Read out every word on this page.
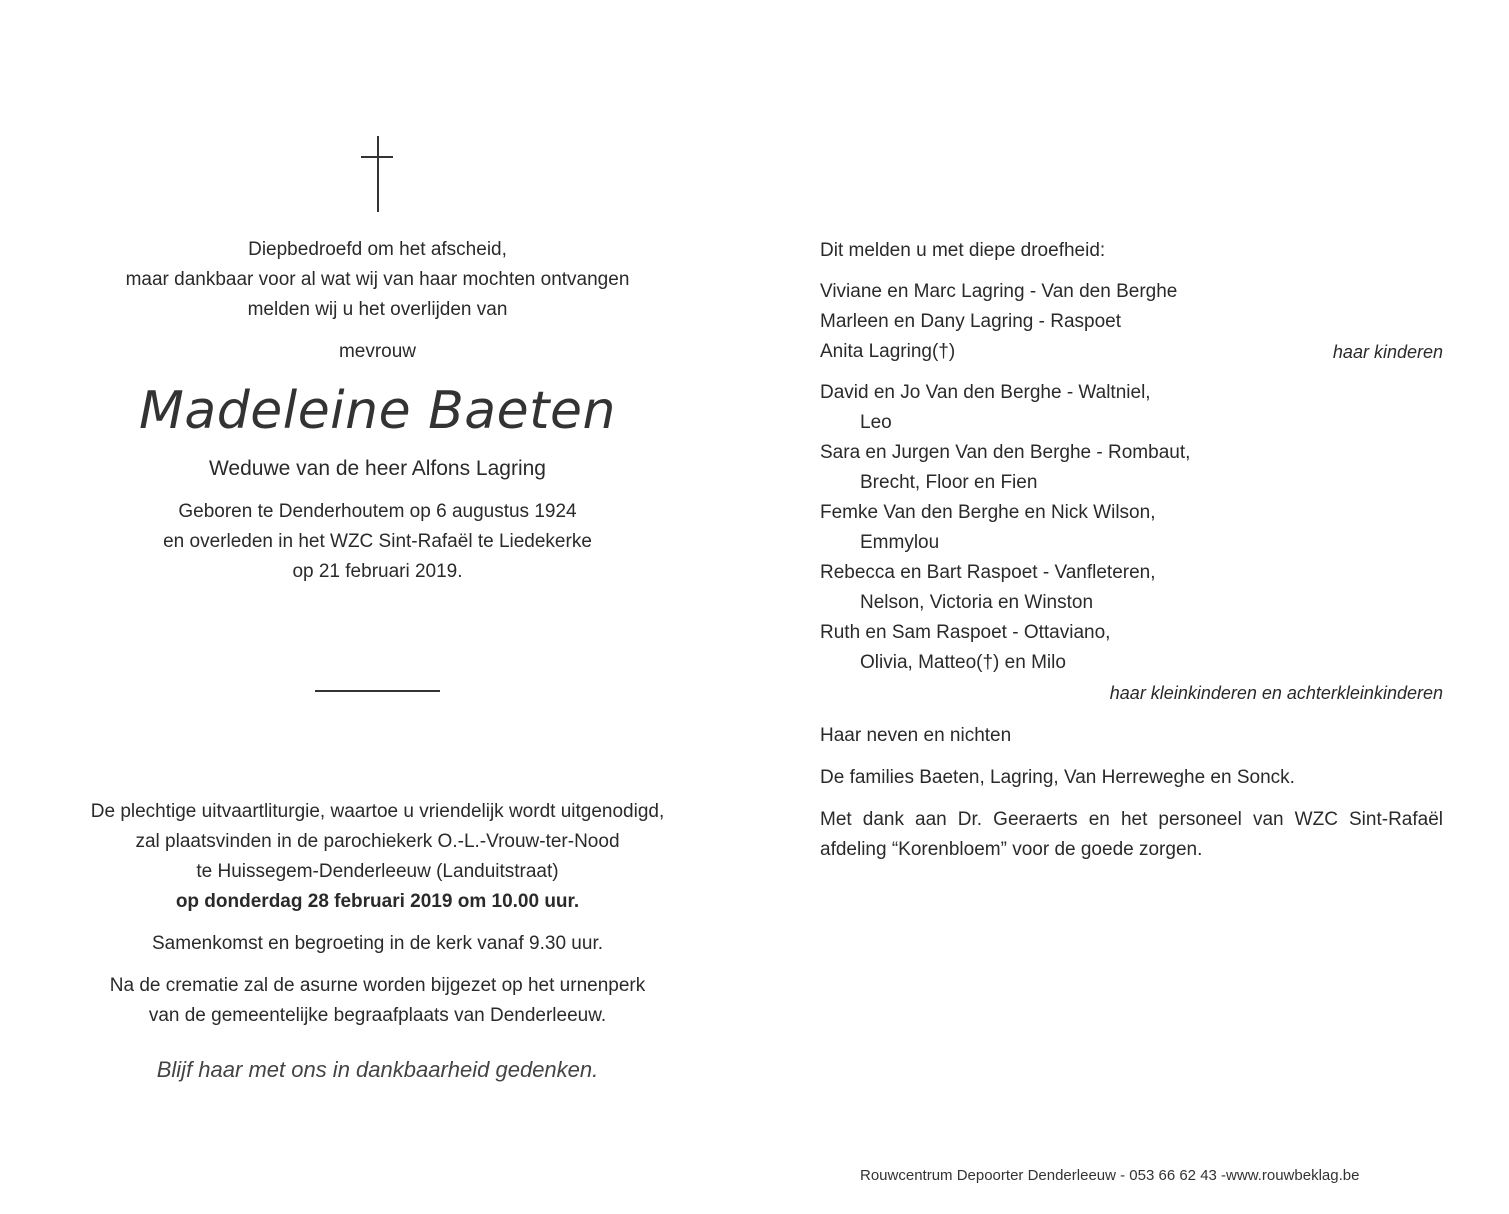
Diepbedroefd om het afscheid,
maar dankbaar voor al wat wij van haar mochten ontvangen
melden wij u het overlijden van
mevrouw
Madeleine Baeten
Weduwe van de heer Alfons Lagring
Geboren te Denderhoutem op 6 augustus 1924
en overleden in het WZC Sint-Rafaël te Liedekerke
op 21 februari 2019.
De plechtige uitvaartliturgie, waartoe u vriendelijk wordt uitgenodigd,
zal plaatsvinden in de parochiekerk O.-L.-Vrouw-ter-Nood
te Huissegem-Denderleeuw (Landuitstraat)
op donderdag 28 februari 2019 om 10.00 uur.
Samenkomst en begroeting in de kerk vanaf 9.30 uur.
Na de crematie zal de asurne worden bijgezet op het urnenperk
van de gemeentelijke begraafplaats van Denderleeuw.
Blijf haar met ons in dankbaarheid gedenken.
Dit melden u met diepe droefheid:
Viviane en Marc Lagring - Van den Berghe
Marleen en Dany Lagring - Raspoet
Anita Lagring(†)	haar kinderen
David en Jo Van den Berghe - Waltniel,
Leo
Sara en Jurgen Van den Berghe - Rombaut,
Brecht, Floor en Fien
Femke Van den Berghe en Nick Wilson,
Emmylou
Rebecca en Bart Raspoet - Vanfleteren,
Nelson, Victoria en Winston
Ruth en Sam Raspoet - Ottaviano,
Olivia, Matteo(†) en Milo
haar kleinkinderen en achterkleinkinderen
Haar neven en nichten
De families Baeten, Lagring, Van Herreweghe en Sonck.
Met dank aan Dr. Geeraerts en het personeel van WZC Sint-Rafaël afdeling “Korenbloem” voor de goede zorgen.
Rouwcentrum Depoorter Denderleeuw - 053 66 62 43 -www.rouwbeklag.be
